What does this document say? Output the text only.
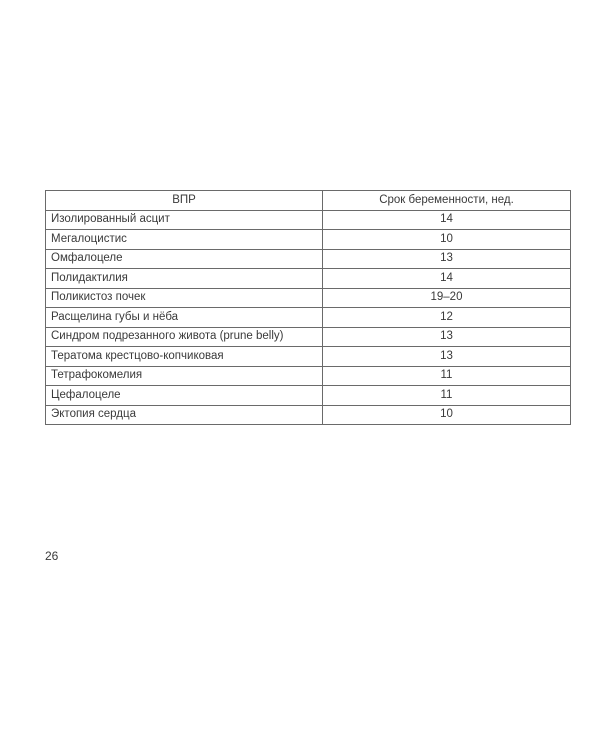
ВПР	Срок беременности, нед.
Изолированный асцит	14
Мегалоцистис	10
Омфалоцеле	13
Полидактилия	14
Поликистоз почек	19–20
Расщелина губы и нёба	12
Синдром подрезанного живота (prune belly)	13
Тератома крестцово-копчиковая	13
Тетрафокомелия	11
Цефалоцеле	11
Эктопия сердца	10
26
